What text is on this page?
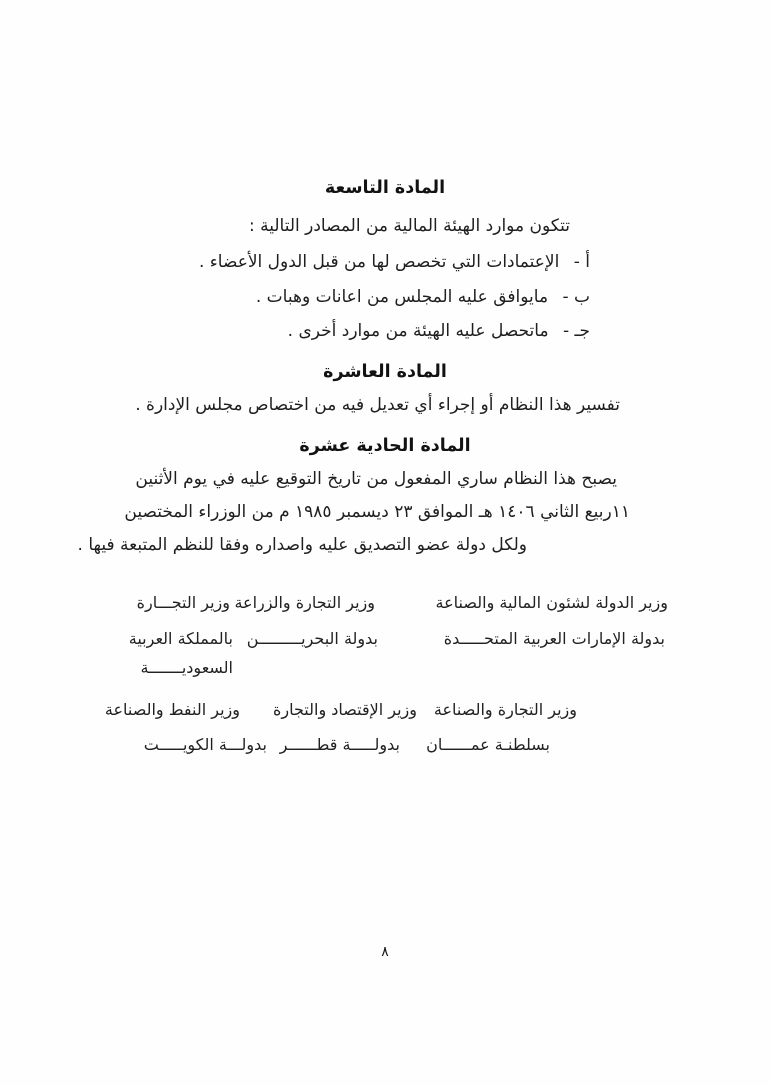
المادة التاسعة
تتكون موارد الهيئة المالية من المصادر التالية :
أ - الإعتمادات التي تخصص لها من قبل الدول الأعضاء .
ب - مايوافق عليه المجلس من اعانات وهبات .
جـ - ماتحصل عليه الهيئة من موارد أخرى .
المادة العاشرة
تفسير هذا النظام أو إجراء أي تعديل فيه من اختصاص مجلس الإدارة .
المادة الحادية عشرة
يصبح هذا النظام ساري المفعول من تاريخ التوقيع عليه في يوم الأثنين
١١ربيع الثاني ١٤٠٦ هـ الموافق ٢٣ ديسمبر ١٩٨٥ م من الوزراء المختصين
ولكل دولة عضو التصديق عليه واصداره وفقا للنظم المتبعة فيها .
وزير الدولة لشئون المالية والصناعة
وزير التجارة والزراعة
وزير التجـــارة
بدولة الإمارات العربية المتحـــــدة
بدولة البحريـــــــــن
بالمملكة العربية
السعوديـــــــة
وزير التجارة والصناعة
وزير الإقتصاد والتجارة
وزير النفط والصناعة
بسلطنـة عمــــــان
بدولـــــة قطــــــر
بدولـــة الكويـــــت
٨
